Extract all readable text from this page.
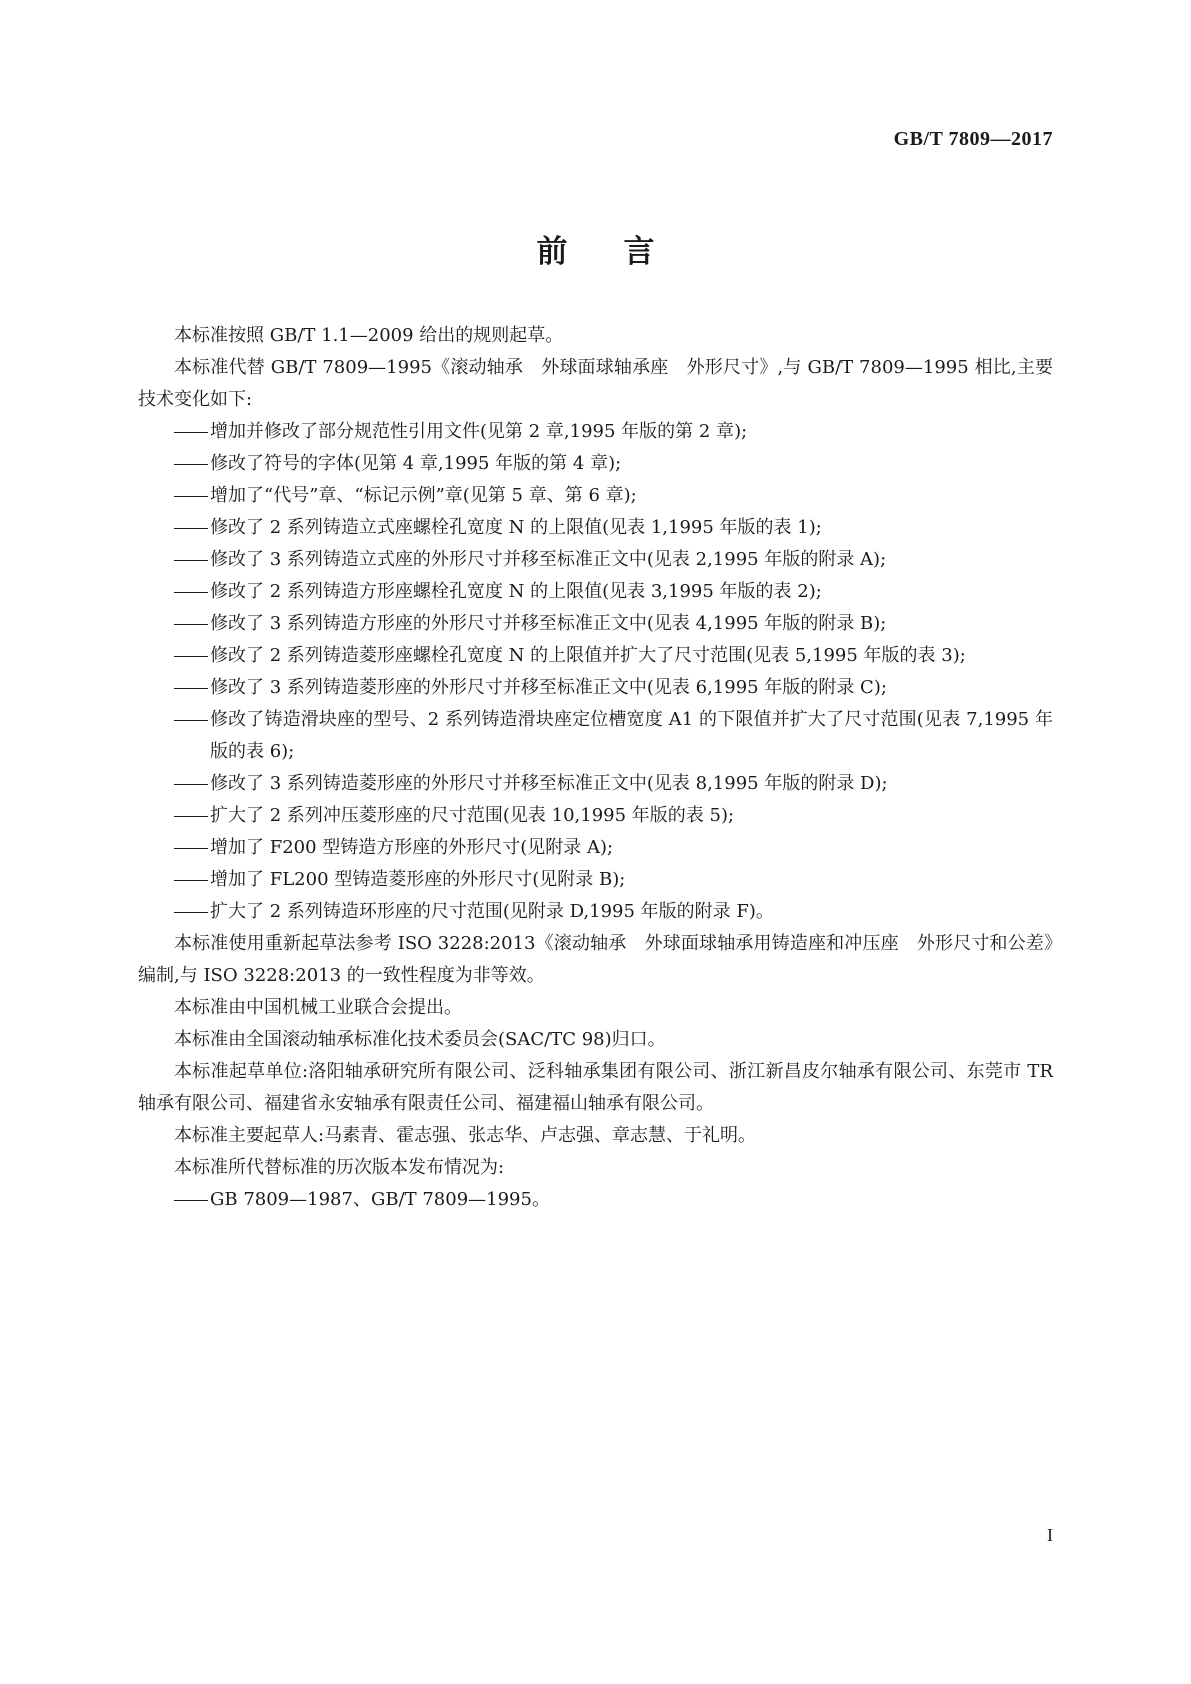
GB/T 7809—2017
前言

本标准按照 GB/T 1.1—2009 给出的规则起草。

本标准代替 GB/T 7809—1995《滚动轴承　外球面球轴承座　外形尺寸》,与 GB/T 7809—1995 相比,主要技术变化如下:

增加并修改了部分规范性引用文件(见第 2 章,1995 年版的第 2 章);

修改了符号的字体(见第 4 章,1995 年版的第 4 章);

增加了“代号”章、“标记示例”章(见第 5 章、第 6 章);

修改了 2 系列铸造立式座螺栓孔宽度 N 的上限值(见表 1,1995 年版的表 1);

修改了 3 系列铸造立式座的外形尺寸并移至标准正文中(见表 2,1995 年版的附录 A);

修改了 2 系列铸造方形座螺栓孔宽度 N 的上限值(见表 3,1995 年版的表 2);

修改了 3 系列铸造方形座的外形尺寸并移至标准正文中(见表 4,1995 年版的附录 B);

修改了 2 系列铸造菱形座螺栓孔宽度 N 的上限值并扩大了尺寸范围(见表 5,1995 年版的表 3);

修改了 3 系列铸造菱形座的外形尺寸并移至标准正文中(见表 6,1995 年版的附录 C);

修改了铸造滑块座的型号、2 系列铸造滑块座定位槽宽度 A1 的下限值并扩大了尺寸范围(见表 7,1995 年版的表 6);

修改了 3 系列铸造菱形座的外形尺寸并移至标准正文中(见表 8,1995 年版的附录 D);

扩大了 2 系列冲压菱形座的尺寸范围(见表 10,1995 年版的表 5);

增加了 F200 型铸造方形座的外形尺寸(见附录 A);

增加了 FL200 型铸造菱形座的外形尺寸(见附录 B);

扩大了 2 系列铸造环形座的尺寸范围(见附录 D,1995 年版的附录 F)。

本标准使用重新起草法参考 ISO 3228:2013《滚动轴承　外球面球轴承用铸造座和冲压座　外形尺寸和公差》编制,与 ISO 3228:2013 的一致性程度为非等效。

本标准由中国机械工业联合会提出。

本标准由全国滚动轴承标准化技术委员会(SAC/TC 98)归口。

本标准起草单位:洛阳轴承研究所有限公司、泛科轴承集团有限公司、浙江新昌皮尔轴承有限公司、东莞市 TR 轴承有限公司、福建省永安轴承有限责任公司、福建福山轴承有限公司。

本标准主要起草人:马素青、霍志强、张志华、卢志强、章志慧、于礼明。

本标准所代替标准的历次版本发布情况为:

GB 7809—1987、GB/T 7809—1995。

I
